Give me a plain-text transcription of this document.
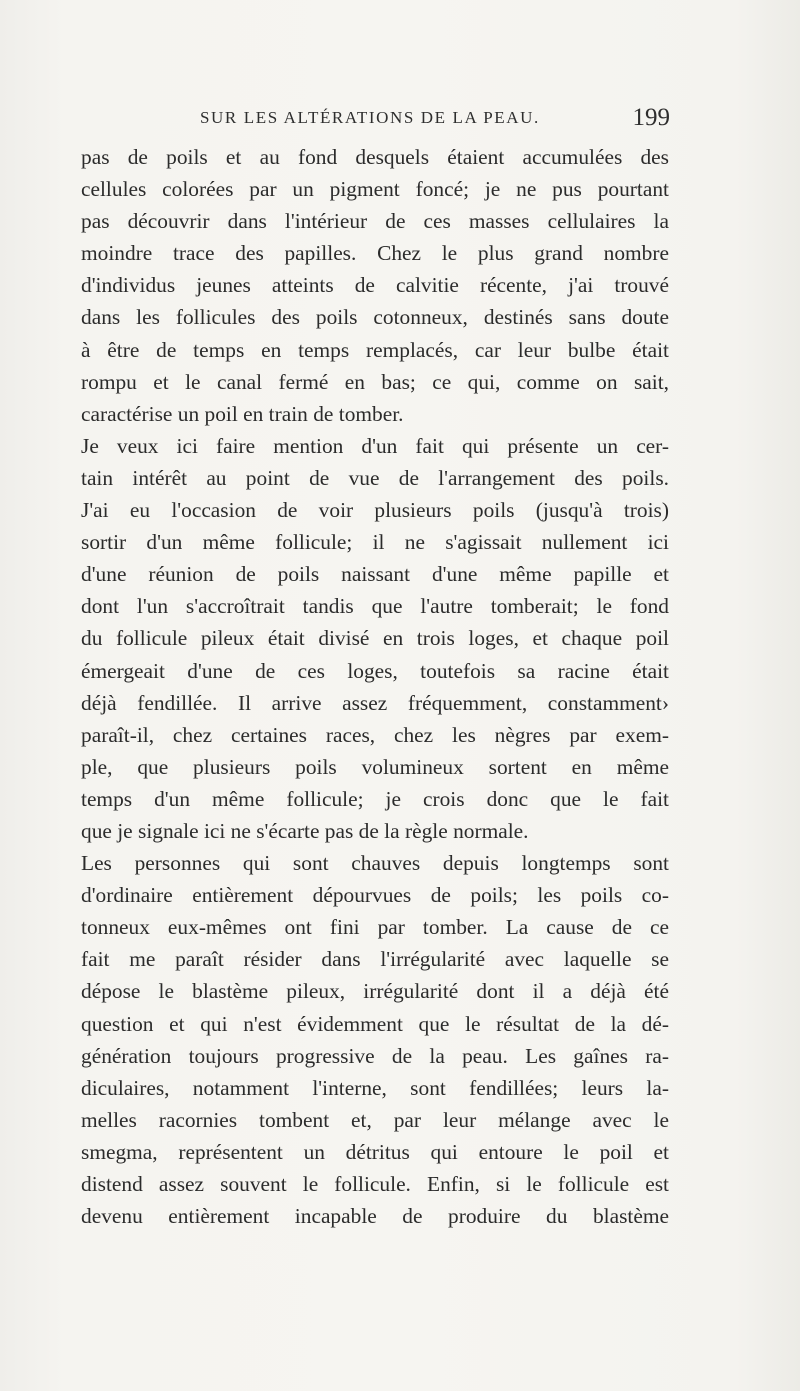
SUR LES ALTÉRATIONS DE LA PEAU.	199
pas de poils et au fond desquels étaient accumulées des
cellules colorées par un pigment foncé; je ne pus pourtant
pas découvrir dans l'intérieur de ces masses cellulaires la
moindre trace des papilles. Chez le plus grand nombre
d'individus jeunes atteints de calvitie récente, j'ai trouvé
dans les follicules des poils cotonneux, destinés sans doute
à être de temps en temps remplacés, car leur bulbe était
rompu et le canal fermé en bas; ce qui, comme on sait,
caractérise un poil en train de tomber.
Je veux ici faire mention d'un fait qui présente un cer-
tain intérêt au point de vue de l'arrangement des poils.
J'ai eu l'occasion de voir plusieurs poils (jusqu'à trois)
sortir d'un même follicule; il ne s'agissait nullement ici
d'une réunion de poils naissant d'une même papille et
dont l'un s'accroîtrait tandis que l'autre tomberait; le fond
du follicule pileux était divisé en trois loges, et chaque poil
émergeait d'une de ces loges, toutefois sa racine était
déjà fendillée. Il arrive assez fréquemment, constamment›
paraît-il, chez certaines races, chez les nègres par exem-
ple, que plusieurs poils volumineux sortent en même
temps d'un même follicule; je crois donc que le fait
que je signale ici ne s'écarte pas de la règle normale.
Les personnes qui sont chauves depuis longtemps sont
d'ordinaire entièrement dépourvues de poils; les poils co-
tonneux eux-mêmes ont fini par tomber. La cause de ce
fait me paraît résider dans l'irrégularité avec laquelle se
dépose le blastème pileux, irrégularité dont il a déjà été
question et qui n'est évidemment que le résultat de la dé-
génération toujours progressive de la peau. Les gaînes ra-
diculaires, notamment l'interne, sont fendillées; leurs la-
melles racornies tombent et, par leur mélange avec le
smegma, représentent un détritus qui entoure le poil et
distend assez souvent le follicule. Enfin, si le follicule est
devenu entièrement incapable de produire du blastème
